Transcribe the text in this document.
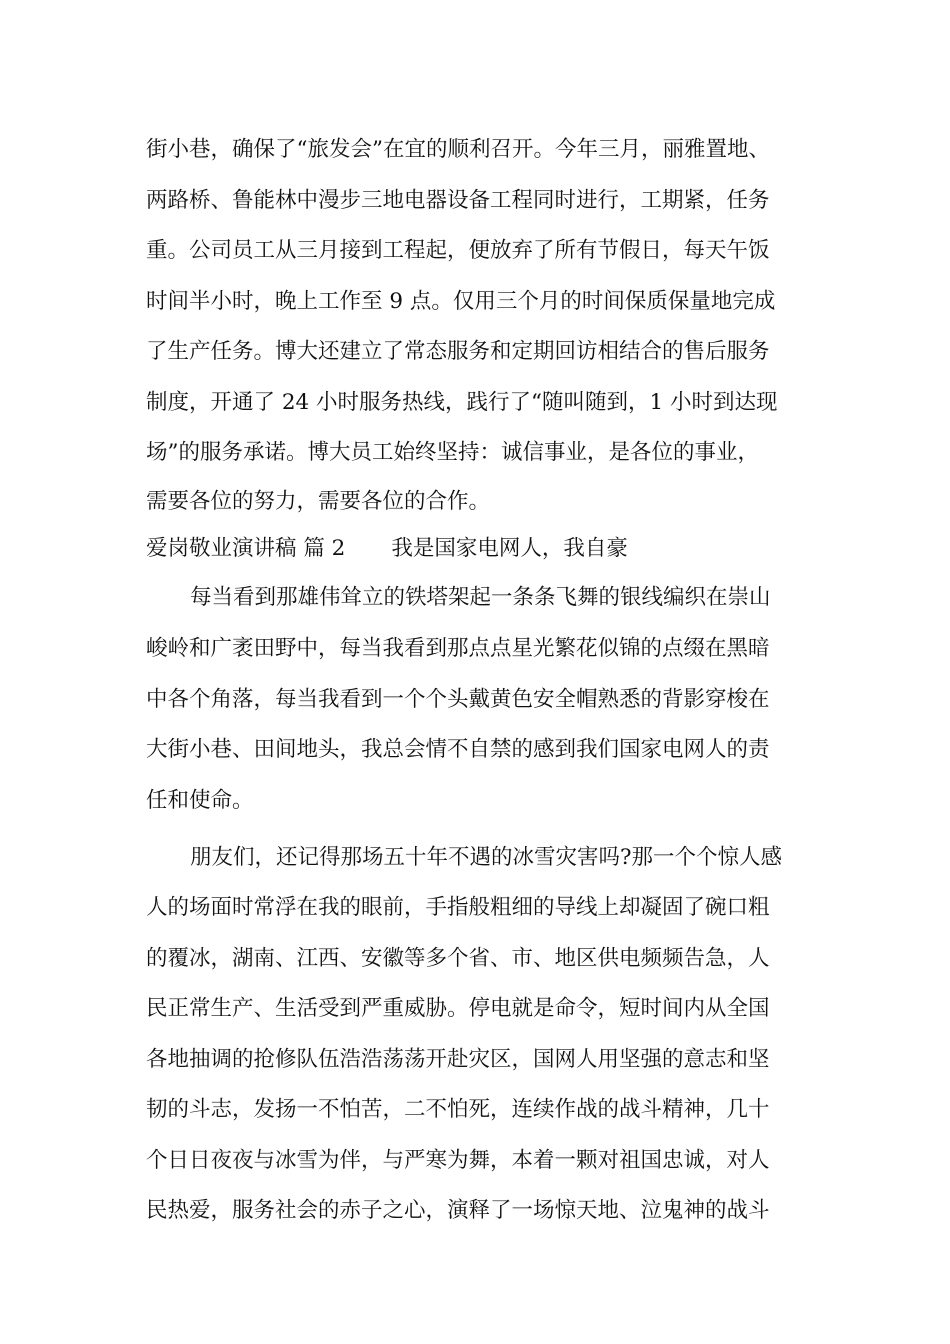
街小巷，确保了“旅发会”在宜的顺利召开。今年三月，丽雅置地、
两路桥、鲁能林中漫步三地电器设备工程同时进行，工期紧，任务
重。公司员工从三月接到工程起，便放弃了所有节假日，每天午饭
时间半小时，晚上工作至 9 点。仅用三个月的时间保质保量地完成
了生产任务。博大还建立了常态服务和定期回访相结合的售后服务
制度，开通了 24 小时服务热线，践行了“随叫随到，1 小时到达现
场”的服务承诺。博大员工始终坚持：诚信事业，是各位的事业，
需要各位的努力，需要各位的合作。
爱岗敬业演讲稿 篇 2 我是国家电网人，我自豪
每当看到那雄伟耸立的铁塔架起一条条飞舞的银线编织在崇山
峻岭和广袤田野中，每当我看到那点点星光繁花似锦的点缀在黑暗
中各个角落，每当我看到一个个头戴黄色安全帽熟悉的背影穿梭在
大街小巷、田间地头，我总会情不自禁的感到我们国家电网人的责
任和使命。
朋友们，还记得那场五十年不遇的冰雪灾害吗?那一个个惊人感
人的场面时常浮在我的眼前，手指般粗细的导线上却凝固了碗口粗
的覆冰，湖南、江西、安徽等多个省、市、地区供电频频告急，人
民正常生产、生活受到严重威胁。停电就是命令，短时间内从全国
各地抽调的抢修队伍浩浩荡荡开赴灾区，国网人用坚强的意志和坚
韧的斗志，发扬一不怕苦，二不怕死，连续作战的战斗精神，几十
个日日夜夜与冰雪为伴，与严寒为舞，本着一颗对祖国忠诚，对人
民热爱，服务社会的赤子之心，演释了一场惊天地、泣鬼神的战斗
